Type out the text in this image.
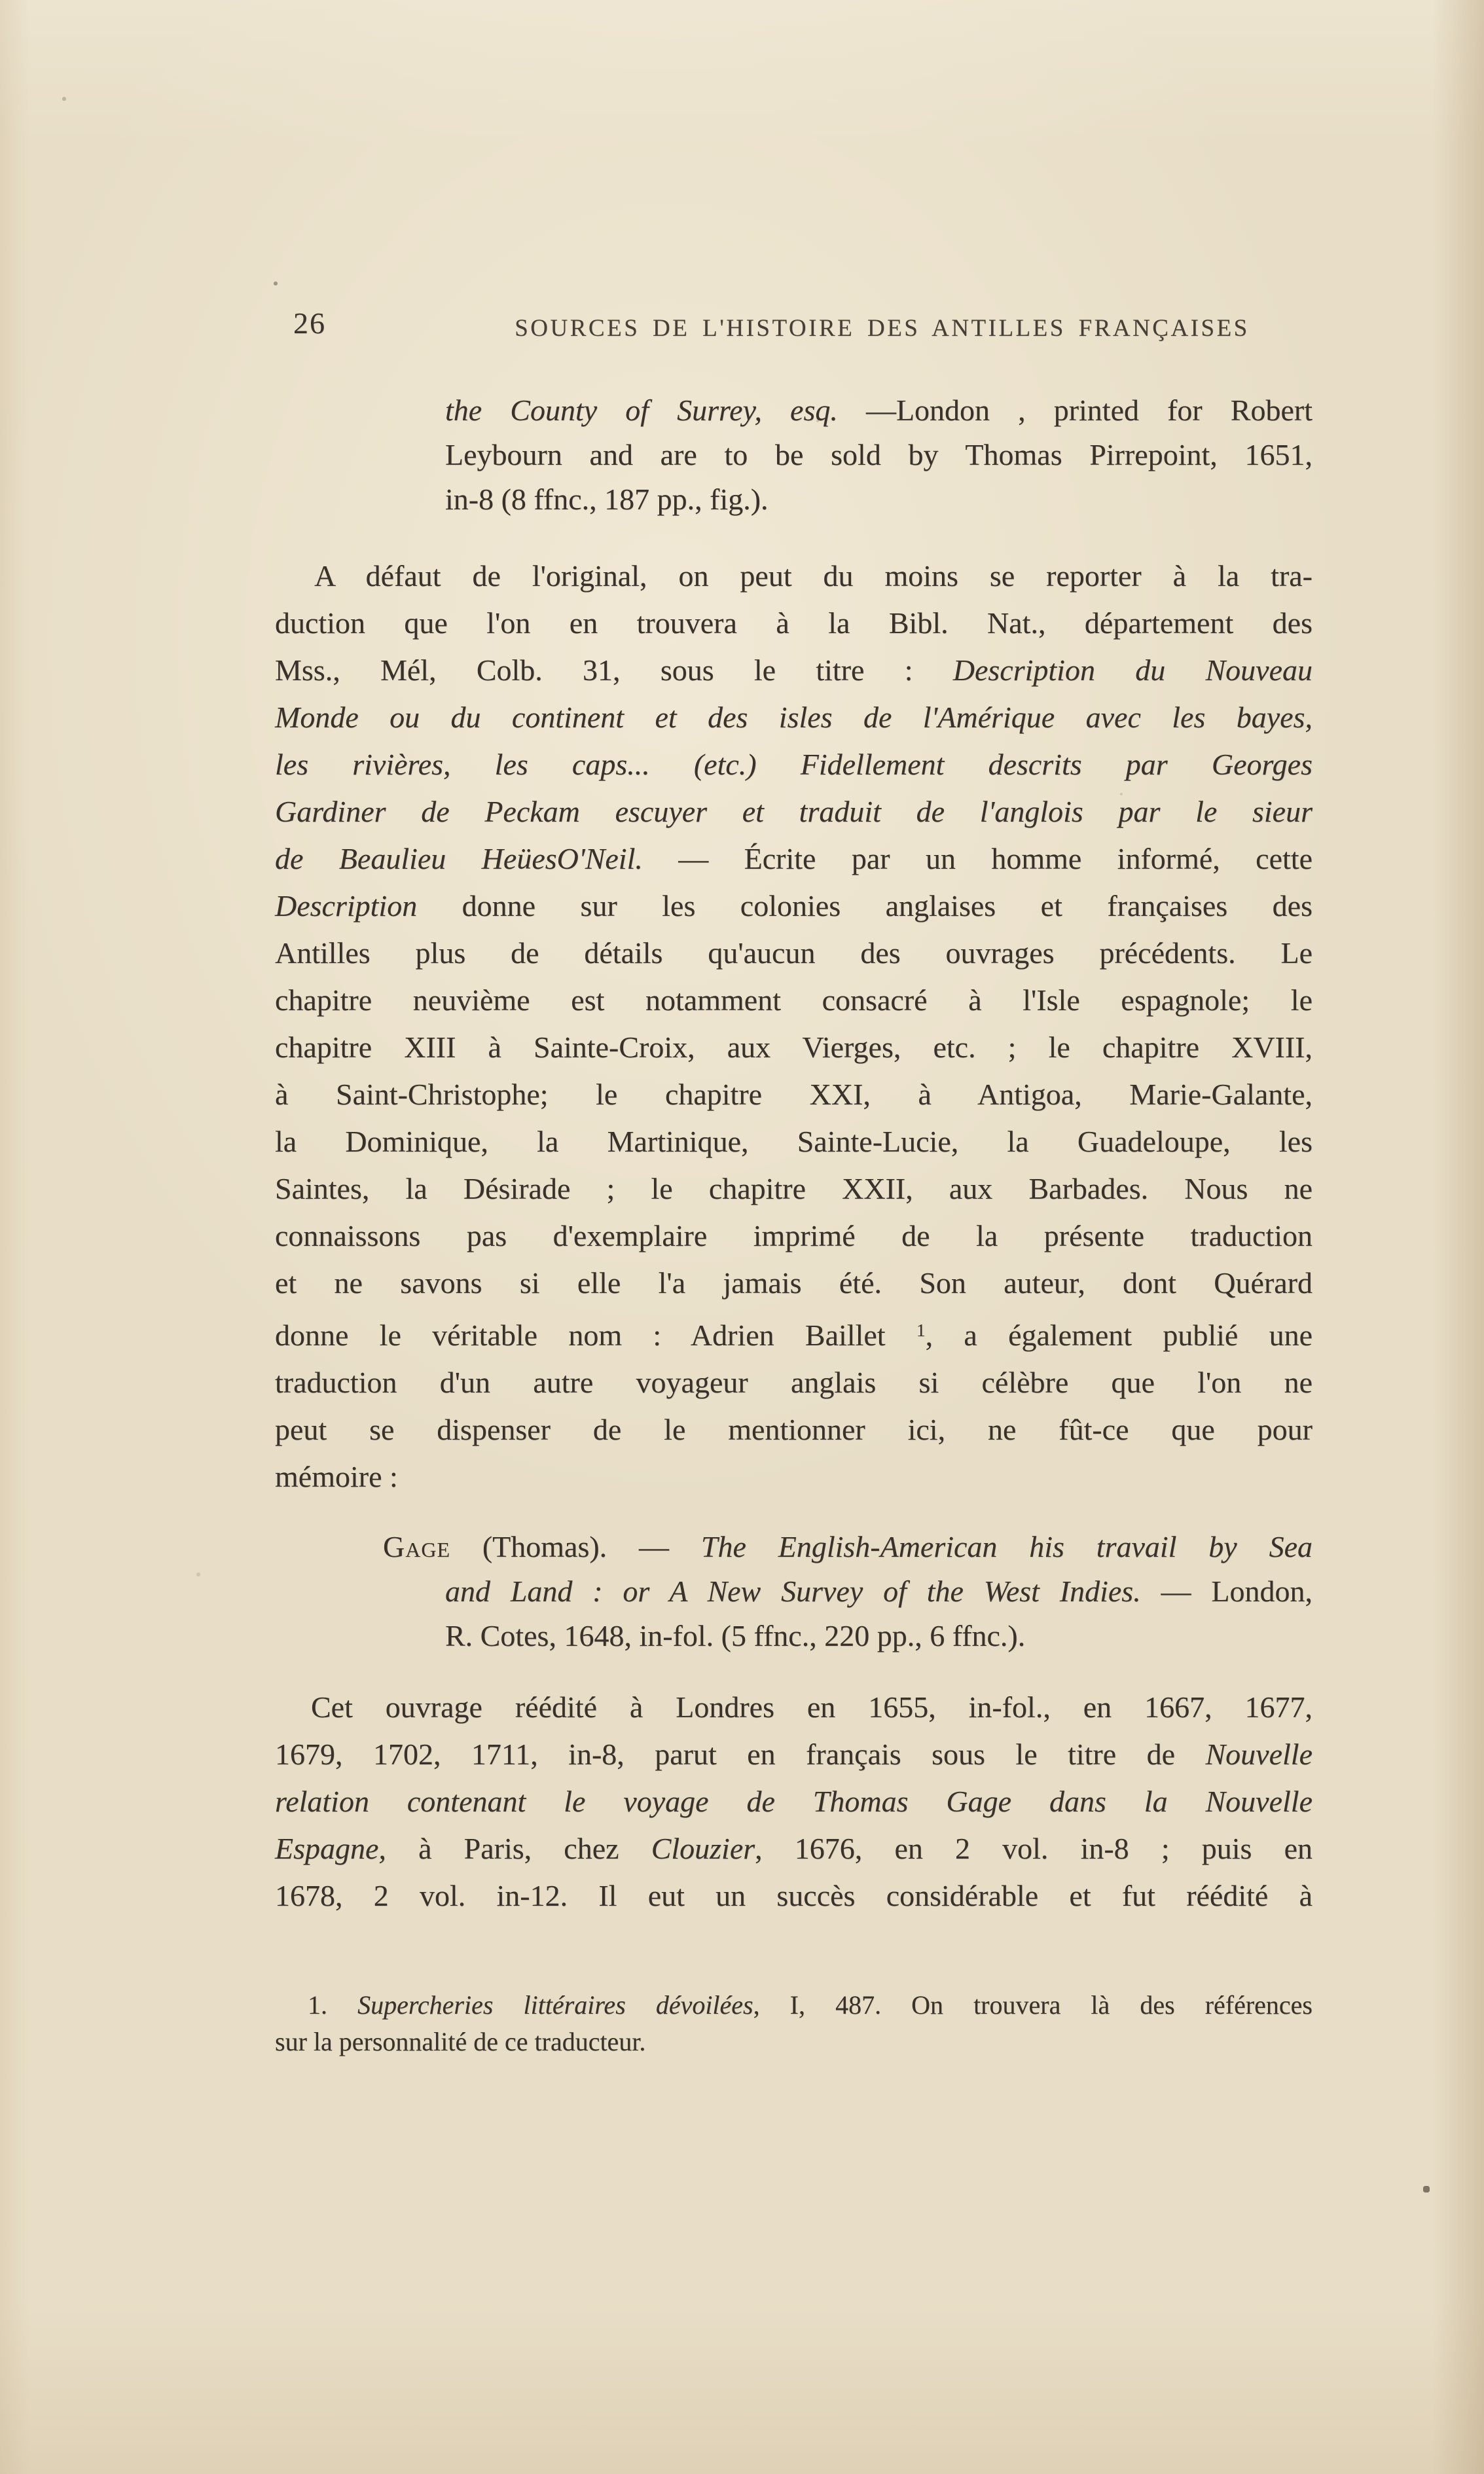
26	SOURCES DE L'HISTOIRE DES ANTILLES FRANÇAISES
the County of Surrey, esq. —London , printed for Robert
Leybourn and are to be sold by Thomas Pirrepoint, 1651,
in-8 (8 ffnc., 187 pp., fig.).
A défaut de l'original, on peut du moins se reporter à la tra-
duction que l'on en trouvera à la Bibl. Nat., département des
Mss., Mél, Colb. 31, sous le titre : Description du Nouveau
Monde ou du continent et des isles de l'Amérique avec les bayes,
les rivières, les caps... (etc.) Fidellement descrits par Georges
Gardiner de Peckam escuyer et traduit de l'anglois par le sieur
de Beaulieu HeüesO'Neil. — Écrite par un homme informé, cette
Description donne sur les colonies anglaises et françaises des
Antilles plus de détails qu'aucun des ouvrages précédents. Le
chapitre neuvième est notamment consacré à l'Isle espagnole; le
chapitre XIII à Sainte-Croix, aux Vierges, etc. ; le chapitre XVIII,
à Saint-Christophe; le chapitre XXI, à Antigoa, Marie-Galante,
la Dominique, la Martinique, Sainte-Lucie, la Guadeloupe, les
Saintes, la Désirade ; le chapitre XXII, aux Barbades. Nous ne
connaissons pas d'exemplaire imprimé de la présente traduction
et ne savons si elle l'a jamais été. Son auteur, dont Quérard
donne le véritable nom : Adrien Baillet $^1$, a également publié une
traduction d'un autre voyageur anglais si célèbre que l'on ne
peut se dispenser de le mentionner ici, ne fût-ce que pour
mémoire :
Gage (Thomas). — The English-American his travail by Sea
and Land : or A New Survey of the West Indies. — London,
R. Cotes, 1648, in-fol. (5 ffnc., 220 pp., 6 ffnc.).
Cet ouvrage réédité à Londres en 1655, in-fol., en 1667, 1677,
1679, 1702, 1711, in-8, parut en français sous le titre de Nouvelle
relation contenant le voyage de Thomas Gage dans la Nouvelle
Espagne, à Paris, chez Clouzier, 1676, en 2 vol. in-8 ; puis en
1678, 2 vol. in-12. Il eut un succès considérable et fut réédité à
1. Supercheries littéraires dévoilées, I, 487. On trouvera là des références
sur la personnalité de ce traducteur.
